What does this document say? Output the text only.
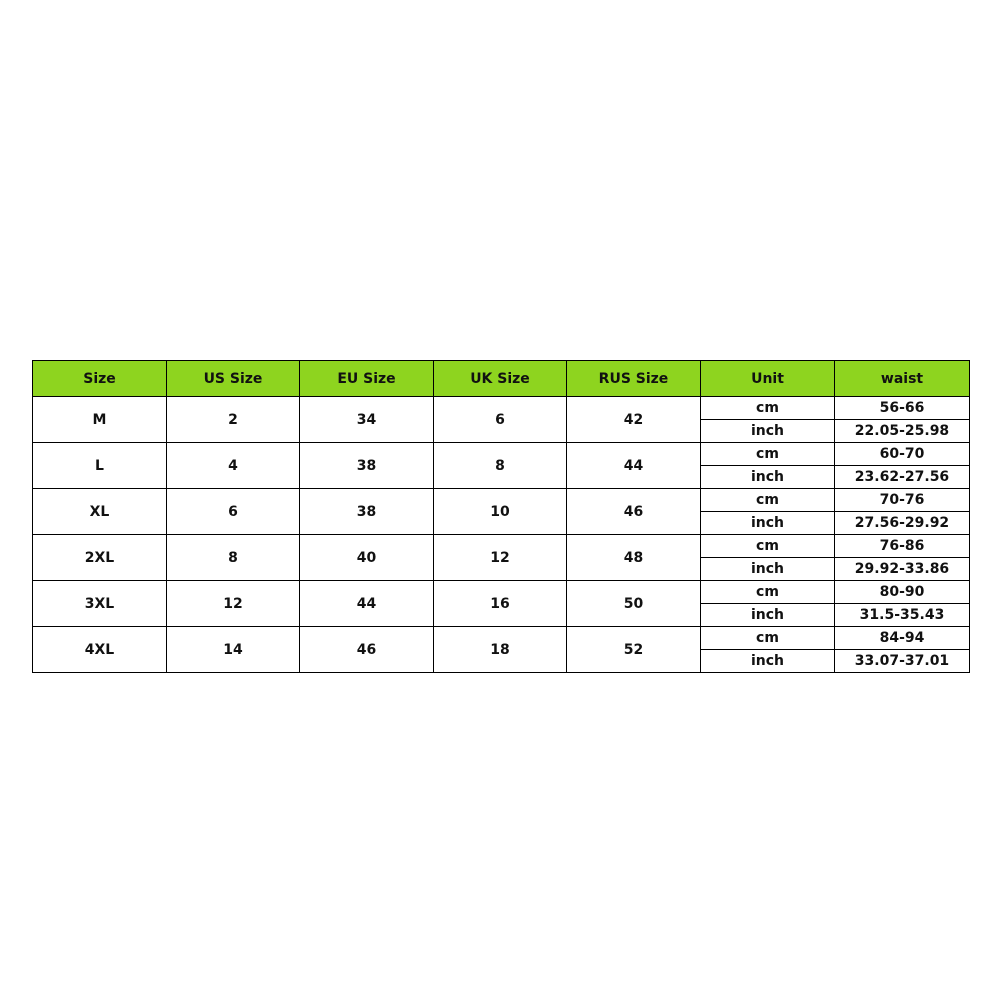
Size	US Size	EU Size	UK Size	RUS Size	Unit	waist
M	2	34	6	42	cm	56-66
					inch	22.05-25.98
L	4	38	8	44	cm	60-70
					inch	23.62-27.56
XL	6	38	10	46	cm	70-76
					inch	27.56-29.92
2XL	8	40	12	48	cm	76-86
					inch	29.92-33.86
3XL	12	44	16	50	cm	80-90
					inch	31.5-35.43
4XL	14	46	18	52	cm	84-94
					inch	33.07-37.01
